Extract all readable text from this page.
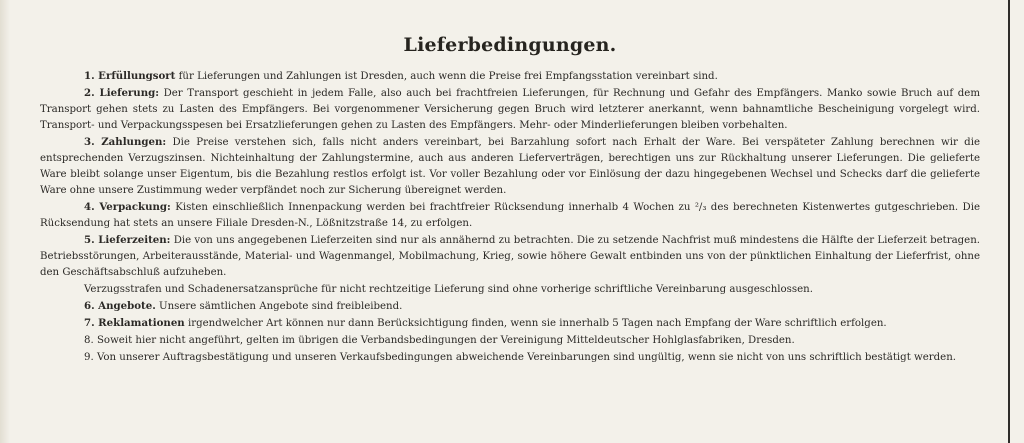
Lieferbedingungen.

1. Erfüllungsort für Lieferungen und Zahlungen ist Dresden, auch wenn die Preise frei Empfangsstation vereinbart sind.

2. Lieferung: Der Transport geschieht in jedem Falle, also auch bei frachtfreien Lieferungen, für Rechnung und Gefahr des Empfängers. Manko sowie Bruch auf dem Transport gehen stets zu Lasten des Empfängers. Bei vorgenommener Versicherung gegen Bruch wird letzterer anerkannt, wenn bahnamtliche Bescheinigung vorgelegt wird. Transport- und Verpackungsspesen bei Ersatzlieferungen gehen zu Lasten des Empfängers. Mehr- oder Minderlieferungen bleiben vorbehalten.

3. Zahlungen: Die Preise verstehen sich, falls nicht anders vereinbart, bei Barzahlung sofort nach Erhalt der Ware. Bei verspäteter Zahlung berechnen wir die entsprechenden Verzugszinsen. Nichteinhaltung der Zahlungstermine, auch aus anderen Lieferverträgen, berechtigen uns zur Rückhaltung unserer Lieferungen. Die gelieferte Ware bleibt solange unser Eigentum, bis die Bezahlung restlos erfolgt ist. Vor voller Bezahlung oder vor Einlösung der dazu hingegebenen Wechsel und Schecks darf die gelieferte Ware ohne unsere Zustimmung weder verpfändet noch zur Sicherung übereignet werden.

4. Verpackung: Kisten einschließlich Innenpackung werden bei frachtfreier Rücksendung innerhalb 4 Wochen zu ²/₃ des berechneten Kistenwertes gutgeschrieben. Die Rücksendung hat stets an unsere Filiale Dresden-N., Lößnitzstraße 14, zu erfolgen.

5. Lieferzeiten: Die von uns angegebenen Lieferzeiten sind nur als annähernd zu betrachten. Die zu setzende Nachfrist muß mindestens die Hälfte der Lieferzeit betragen. Betriebsstörungen, Arbeiterausstände, Material- und Wagenmangel, Mobilmachung, Krieg, sowie höhere Gewalt entbinden uns von der pünktlichen Einhaltung der Lieferfrist, ohne den Geschäftsabschluß aufzuheben.

Verzugsstrafen und Schadenersatzansprüche für nicht rechtzeitige Lieferung sind ohne vorherige schriftliche Vereinbarung ausgeschlossen.

6. Angebote. Unsere sämtlichen Angebote sind freibleibend.

7. Reklamationen irgendwelcher Art können nur dann Berücksichtigung finden, wenn sie innerhalb 5 Tagen nach Empfang der Ware schriftlich erfolgen.

8. Soweit hier nicht angeführt, gelten im übrigen die Verbandsbedingungen der Vereinigung Mitteldeutscher Hohlglasfabriken, Dresden.

9. Von unserer Auftragsbestätigung und unseren Verkaufsbedingungen abweichende Vereinbarungen sind ungültig, wenn sie nicht von uns schriftlich bestätigt werden.
